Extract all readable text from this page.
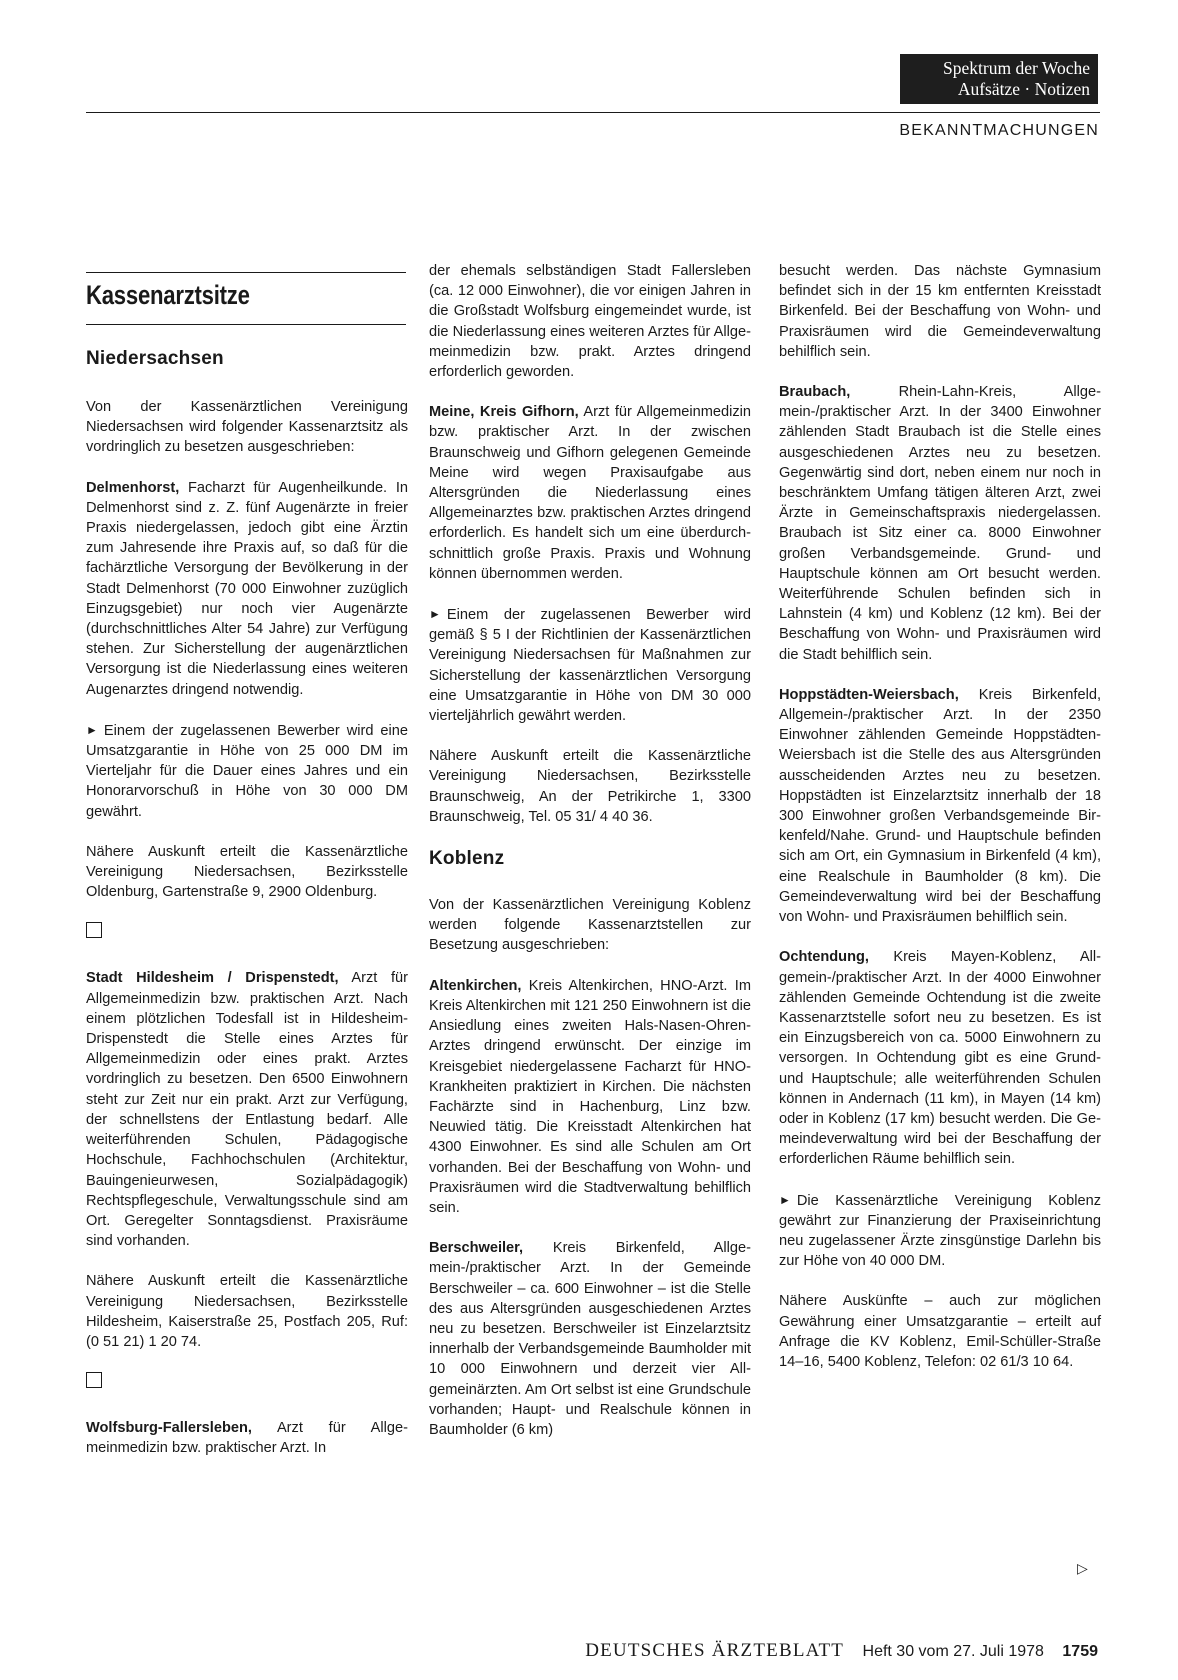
Spektrum der Woche
Aufsätze · Notizen
BEKANNTMACHUNGEN
Kassenarztsitze
Niedersachsen

Von der Kassenärztlichen Vereinigung Niedersachsen wird folgender Kassenarztsitz als vordringlich zu besetzen ausgeschrieben:

Delmenhorst, Facharzt für Augenheilkunde. In Delmenhorst sind z. Z. fünf Augenärzte in freier Praxis niedergelassen, jedoch gibt eine Ärztin zum Jahresende ihre Praxis auf, so daß für die fachärztliche Versorgung der Bevölkerung in der Stadt Delmenhorst (70 000 Einwohner zuzüglich Einzugsgebiet) nur noch vier Augenärzte (durchschnittliches Alter 54 Jahre) zur Verfügung stehen. Zur Sicherstellung der augenärztlichen Versorgung ist die Niederlassung eines weiteren Augenarztes dringend notwendig.

► Einem der zugelassenen Bewerber wird eine Umsatzgarantie in Höhe von 25 000 DM im Vierteljahr für die Dauer eines Jahres und ein Honorarvorschuß in Höhe von 30 000 DM gewährt.

Nähere Auskunft erteilt die Kassenärztliche Vereinigung Niedersachsen, Bezirksstelle Oldenburg, Gartenstraße 9, 2900 Oldenburg.

Stadt Hildesheim / Drispenstedt, Arzt für Allgemeinmedizin bzw. praktischen Arzt. Nach einem plötzlichen Todesfall ist in Hildesheim-Drispenstedt die Stelle eines Arztes für Allgemeinmedizin oder eines prakt. Arztes vordringlich zu besetzen. Den 6500 Einwohnern steht zur Zeit nur ein prakt. Arzt zur Verfügung, der schnellstens der Entlastung bedarf. Alle weiterführenden Schulen, Pädagogische Hochschule, Fachhochschulen (Architektur, Bauingenieurwesen, Sozialpädagogik) Rechtspflegeschule, Verwaltungsschule sind am Ort. Geregelter Sonntagsdienst. Praxisräume sind vorhanden.

Nähere Auskunft erteilt die Kassenärztliche Vereinigung Niedersachsen, Bezirksstelle Hildesheim, Kaiserstraße 25, Postfach 205, Ruf: (0 51 21) 1 20 74.

Wolfsburg-Fallersleben, Arzt für Allgemeinmedizin bzw. praktischer Arzt. In

der ehemals selbständigen Stadt Fallersleben (ca. 12 000 Einwohner), die vor einigen Jahren in die Großstadt Wolfsburg eingemeindet wurde, ist die Niederlassung eines weiteren Arztes für Allgemeinmedizin bzw. prakt. Arztes dringend erforderlich geworden.

Meine, Kreis Gifhorn, Arzt für Allgemeinmedizin bzw. praktischer Arzt. In der zwischen Braunschweig und Gifhorn gelegenen Gemeinde Meine wird wegen Praxisaufgabe aus Altersgründen die Niederlassung eines Allgemeinarztes bzw. praktischen Arztes dringend erforderlich. Es handelt sich um eine überdurchschnittlich große Praxis. Praxis und Wohnung können übernommen werden.

► Einem der zugelassenen Bewerber wird gemäß § 5 I der Richtlinien der Kassenärztlichen Vereinigung Niedersachsen für Maßnahmen zur Sicherstellung der kassenärztlichen Versorgung eine Umsatzgarantie in Höhe von DM 30 000 vierteljährlich gewährt werden.

Nähere Auskunft erteilt die Kassenärztliche Vereinigung Niedersachsen, Bezirksstelle Braunschweig, An der Petrikirche 1, 3300 Braunschweig, Tel. 05 31/ 4 40 36.

Koblenz

Von der Kassenärztlichen Vereinigung Koblenz werden folgende Kassenarztstellen zur Besetzung ausgeschrieben:

Altenkirchen, Kreis Altenkirchen, HNO-Arzt. Im Kreis Altenkirchen mit 121 250 Einwohnern ist die Ansiedlung eines zweiten Hals-Nasen-Ohren-Arztes dringend erwünscht. Der einzige im Kreisgebiet niedergelassene Facharzt für HNO-Krankheiten praktiziert in Kirchen. Die nächsten Fachärzte sind in Hachenburg, Linz bzw. Neuwied tätig. Die Kreisstadt Altenkirchen hat 4300 Einwohner. Es sind alle Schulen am Ort vorhanden. Bei der Beschaffung von Wohn- und Praxisräumen wird die Stadtverwaltung behilflich sein.

Berschweiler, Kreis Birkenfeld, Allgemein-/praktischer Arzt. In der Gemeinde Berschweiler – ca. 600 Einwohner – ist die Stelle des aus Altersgründen ausgeschiedenen Arztes neu zu besetzen. Berschweiler ist Einzelarztsitz innerhalb der Verbandsgemeinde Baumholder mit 10 000 Einwohnern und derzeit vier Allgemeinärzten. Am Ort selbst ist eine Grundschule vorhanden; Haupt- und Realschule können in Baumholder (6 km)

besucht werden. Das nächste Gymnasium befindet sich in der 15 km entfernten Kreisstadt Birkenfeld. Bei der Beschaffung von Wohn- und Praxisräumen wird die Gemeindeverwaltung behilflich sein.

Braubach, Rhein-Lahn-Kreis, Allgemein-/praktischer Arzt. In der 3400 Einwohner zählenden Stadt Braubach ist die Stelle eines ausgeschiedenen Arztes neu zu besetzen. Gegenwärtig sind dort, neben einem nur noch in beschränktem Umfang tätigen älteren Arzt, zwei Ärzte in Gemeinschaftspraxis niedergelassen. Braubach ist Sitz einer ca. 8000 Einwohner großen Verbandsgemeinde. Grund- und Hauptschule können am Ort besucht werden. Weiterführende Schulen befinden sich in Lahnstein (4 km) und Koblenz (12 km). Bei der Beschaffung von Wohn- und Praxisräumen wird die Stadt behilflich sein.

Hoppstädten-Weiersbach, Kreis Birkenfeld, Allgemein-/praktischer Arzt. In der 2350 Einwohner zählenden Gemeinde Hoppstädten-Weiersbach ist die Stelle des aus Altersgründen ausscheidenden Arztes neu zu besetzen. Hoppstädten ist Einzelarztsitz innerhalb der 18 300 Einwohner großen Verbandsgemeinde Birkenfeld/Nahe. Grund- und Hauptschule befinden sich am Ort, ein Gymnasium in Birkenfeld (4 km), eine Realschule in Baumholder (8 km). Die Gemeindeverwaltung wird bei der Beschaffung von Wohn- und Praxisräumen behilflich sein.

Ochtendung, Kreis Mayen-Koblenz, Allgemein-/praktischer Arzt. In der 4000 Einwohner zählenden Gemeinde Ochtendung ist die zweite Kassenarztstelle sofort neu zu besetzen. Es ist ein Einzugsbereich von ca. 5000 Einwohnern zu versorgen. In Ochtendung gibt es eine Grund- und Hauptschule; alle weiterführenden Schulen können in Andernach (11 km), in Mayen (14 km) oder in Koblenz (17 km) besucht werden. Die Gemeindeverwaltung wird bei der Beschaffung der erforderlichen Räume behilflich sein.

► Die Kassenärztliche Vereinigung Koblenz gewährt zur Finanzierung der Praxiseinrichtung neu zugelassener Ärzte zinsgünstige Darlehn bis zur Höhe von 40 000 DM.

Nähere Auskünfte – auch zur möglichen Gewährung einer Umsatzgarantie – erteilt auf Anfrage die KV Koblenz, Emil-Schüller-Straße 14–16, 5400 Koblenz, Telefon: 02 61/3 10 64.

▷
DEUTSCHES ÄRZTEBLATT Heft 30 vom 27. Juli 1978 1759
